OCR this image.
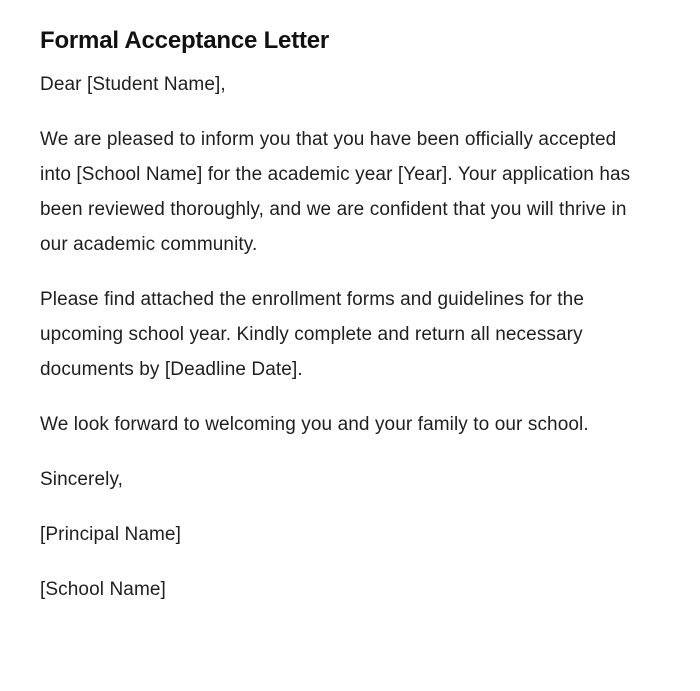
Formal Acceptance Letter

Dear [Student Name],

We are pleased to inform you that you have been officially accepted into [School Name] for the academic year [Year]. Your application has been reviewed thoroughly, and we are confident that you will thrive in our academic community.

Please find attached the enrollment forms and guidelines for the upcoming school year. Kindly complete and return all necessary documents by [Deadline Date].

We look forward to welcoming you and your family to our school.

Sincerely,

[Principal Name]

[School Name]
